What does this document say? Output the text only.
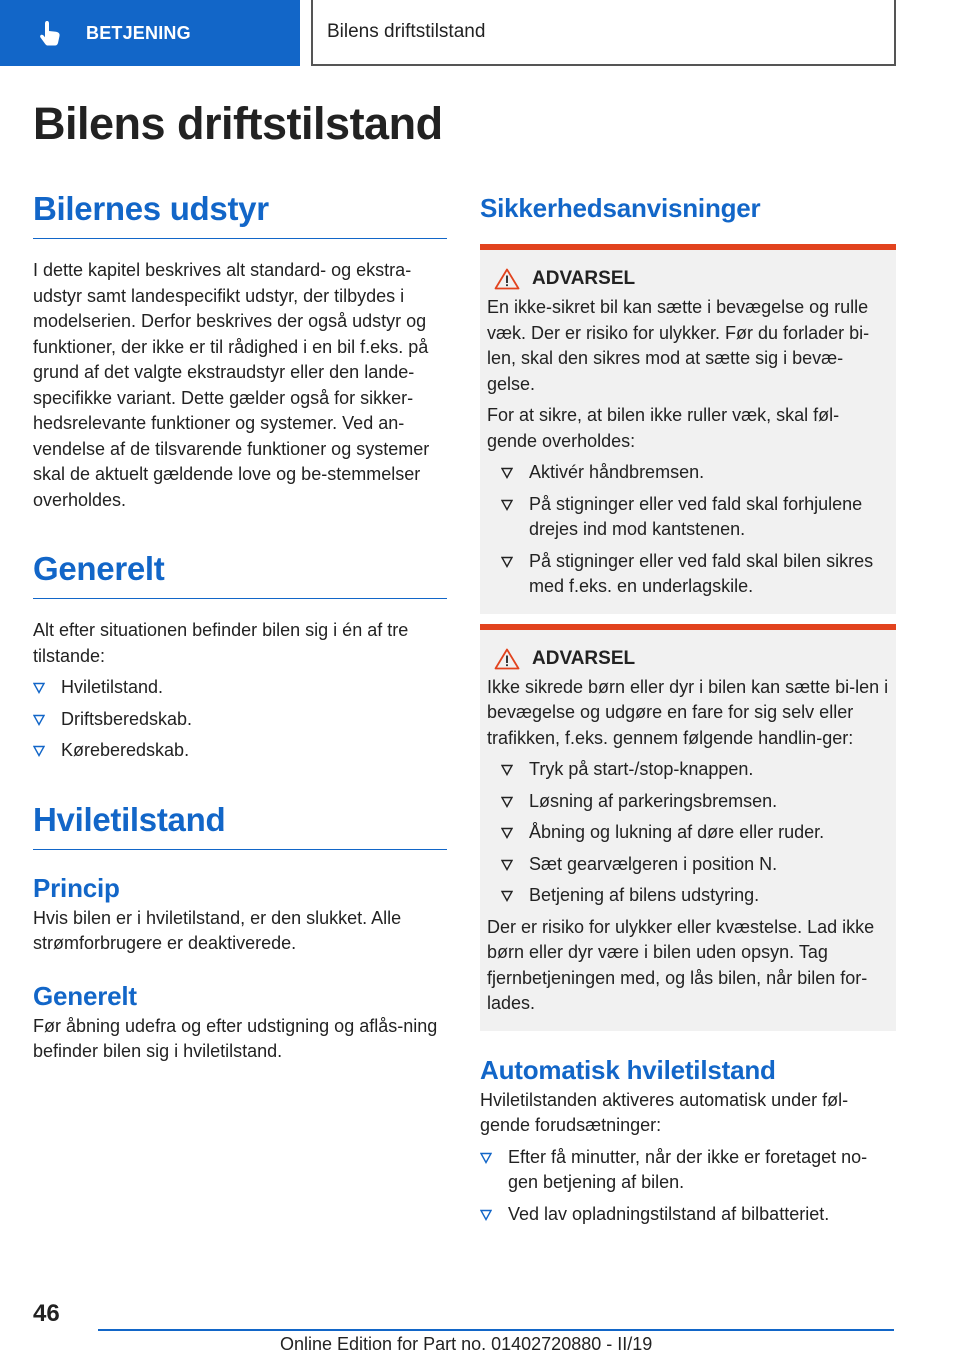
BETJENING	Bilens driftstilstand
Bilens driftstilstand
Bilernes udstyr

I dette kapitel beskrives alt standard- og ekstra-udstyr samt landespecifikt udstyr, der tilbydes i modelserien. Derfor beskrives der også udstyr og funktioner, der ikke er til rådighed i en bil f.eks. på grund af det valgte ekstraudstyr eller den lande-specifikke variant. Dette gælder også for sikker-hedsrelevante funktioner og systemer. Ved an-vendelse af de tilsvarende funktioner og systemer skal de aktuelt gældende love og be-stemmelser overholdes.

Generelt

Alt efter situationen befinder bilen sig i én af tre tilstande:

Hviletilstand.
Driftsberedskab.
Køreberedskab.
Hviletilstand
Princip

Hvis bilen er i hviletilstand, er den slukket. Alle strømforbrugere er deaktiverede.

Generelt

Før åbning udefra og efter udstigning og aflås-ning befinder bilen sig i hviletilstand.

Sikkerhedsanvisninger
ADVARSEL

En ikke-sikret bil kan sætte i bevægelse og rulle væk. Der er risiko for ulykker. Før du forlader bi-len, skal den sikres mod at sætte sig i bevæ-gelse.

For at sikre, at bilen ikke ruller væk, skal føl-gende overholdes:

Aktivér håndbremsen.
På stigninger eller ved fald skal forhjulene drejes ind mod kantstenen.
På stigninger eller ved fald skal bilen sikres med f.eks. en underlagskile.
ADVARSEL

Ikke sikrede børn eller dyr i bilen kan sætte bi-len i bevægelse og udgøre en fare for sig selv eller trafikken, f.eks. gennem følgende handlin-ger:

Tryk på start-/stop-knappen.
Løsning af parkeringsbremsen.
Åbning og lukning af døre eller ruder.
Sæt gearvælgeren i position N.
Betjening af bilens udstyring.

Der er risiko for ulykker eller kvæstelse. Lad ikke børn eller dyr være i bilen uden opsyn. Tag fjernbetjeningen med, og lås bilen, når bilen for-lades.

Automatisk hviletilstand

Hviletilstanden aktiveres automatisk under føl-gende forudsætninger:

Efter få minutter, når der ikke er foretaget no-gen betjening af bilen.
Ved lav opladningstilstand af bilbatteriet.
46
Online Edition for Part no. 01402720880 - II/19
